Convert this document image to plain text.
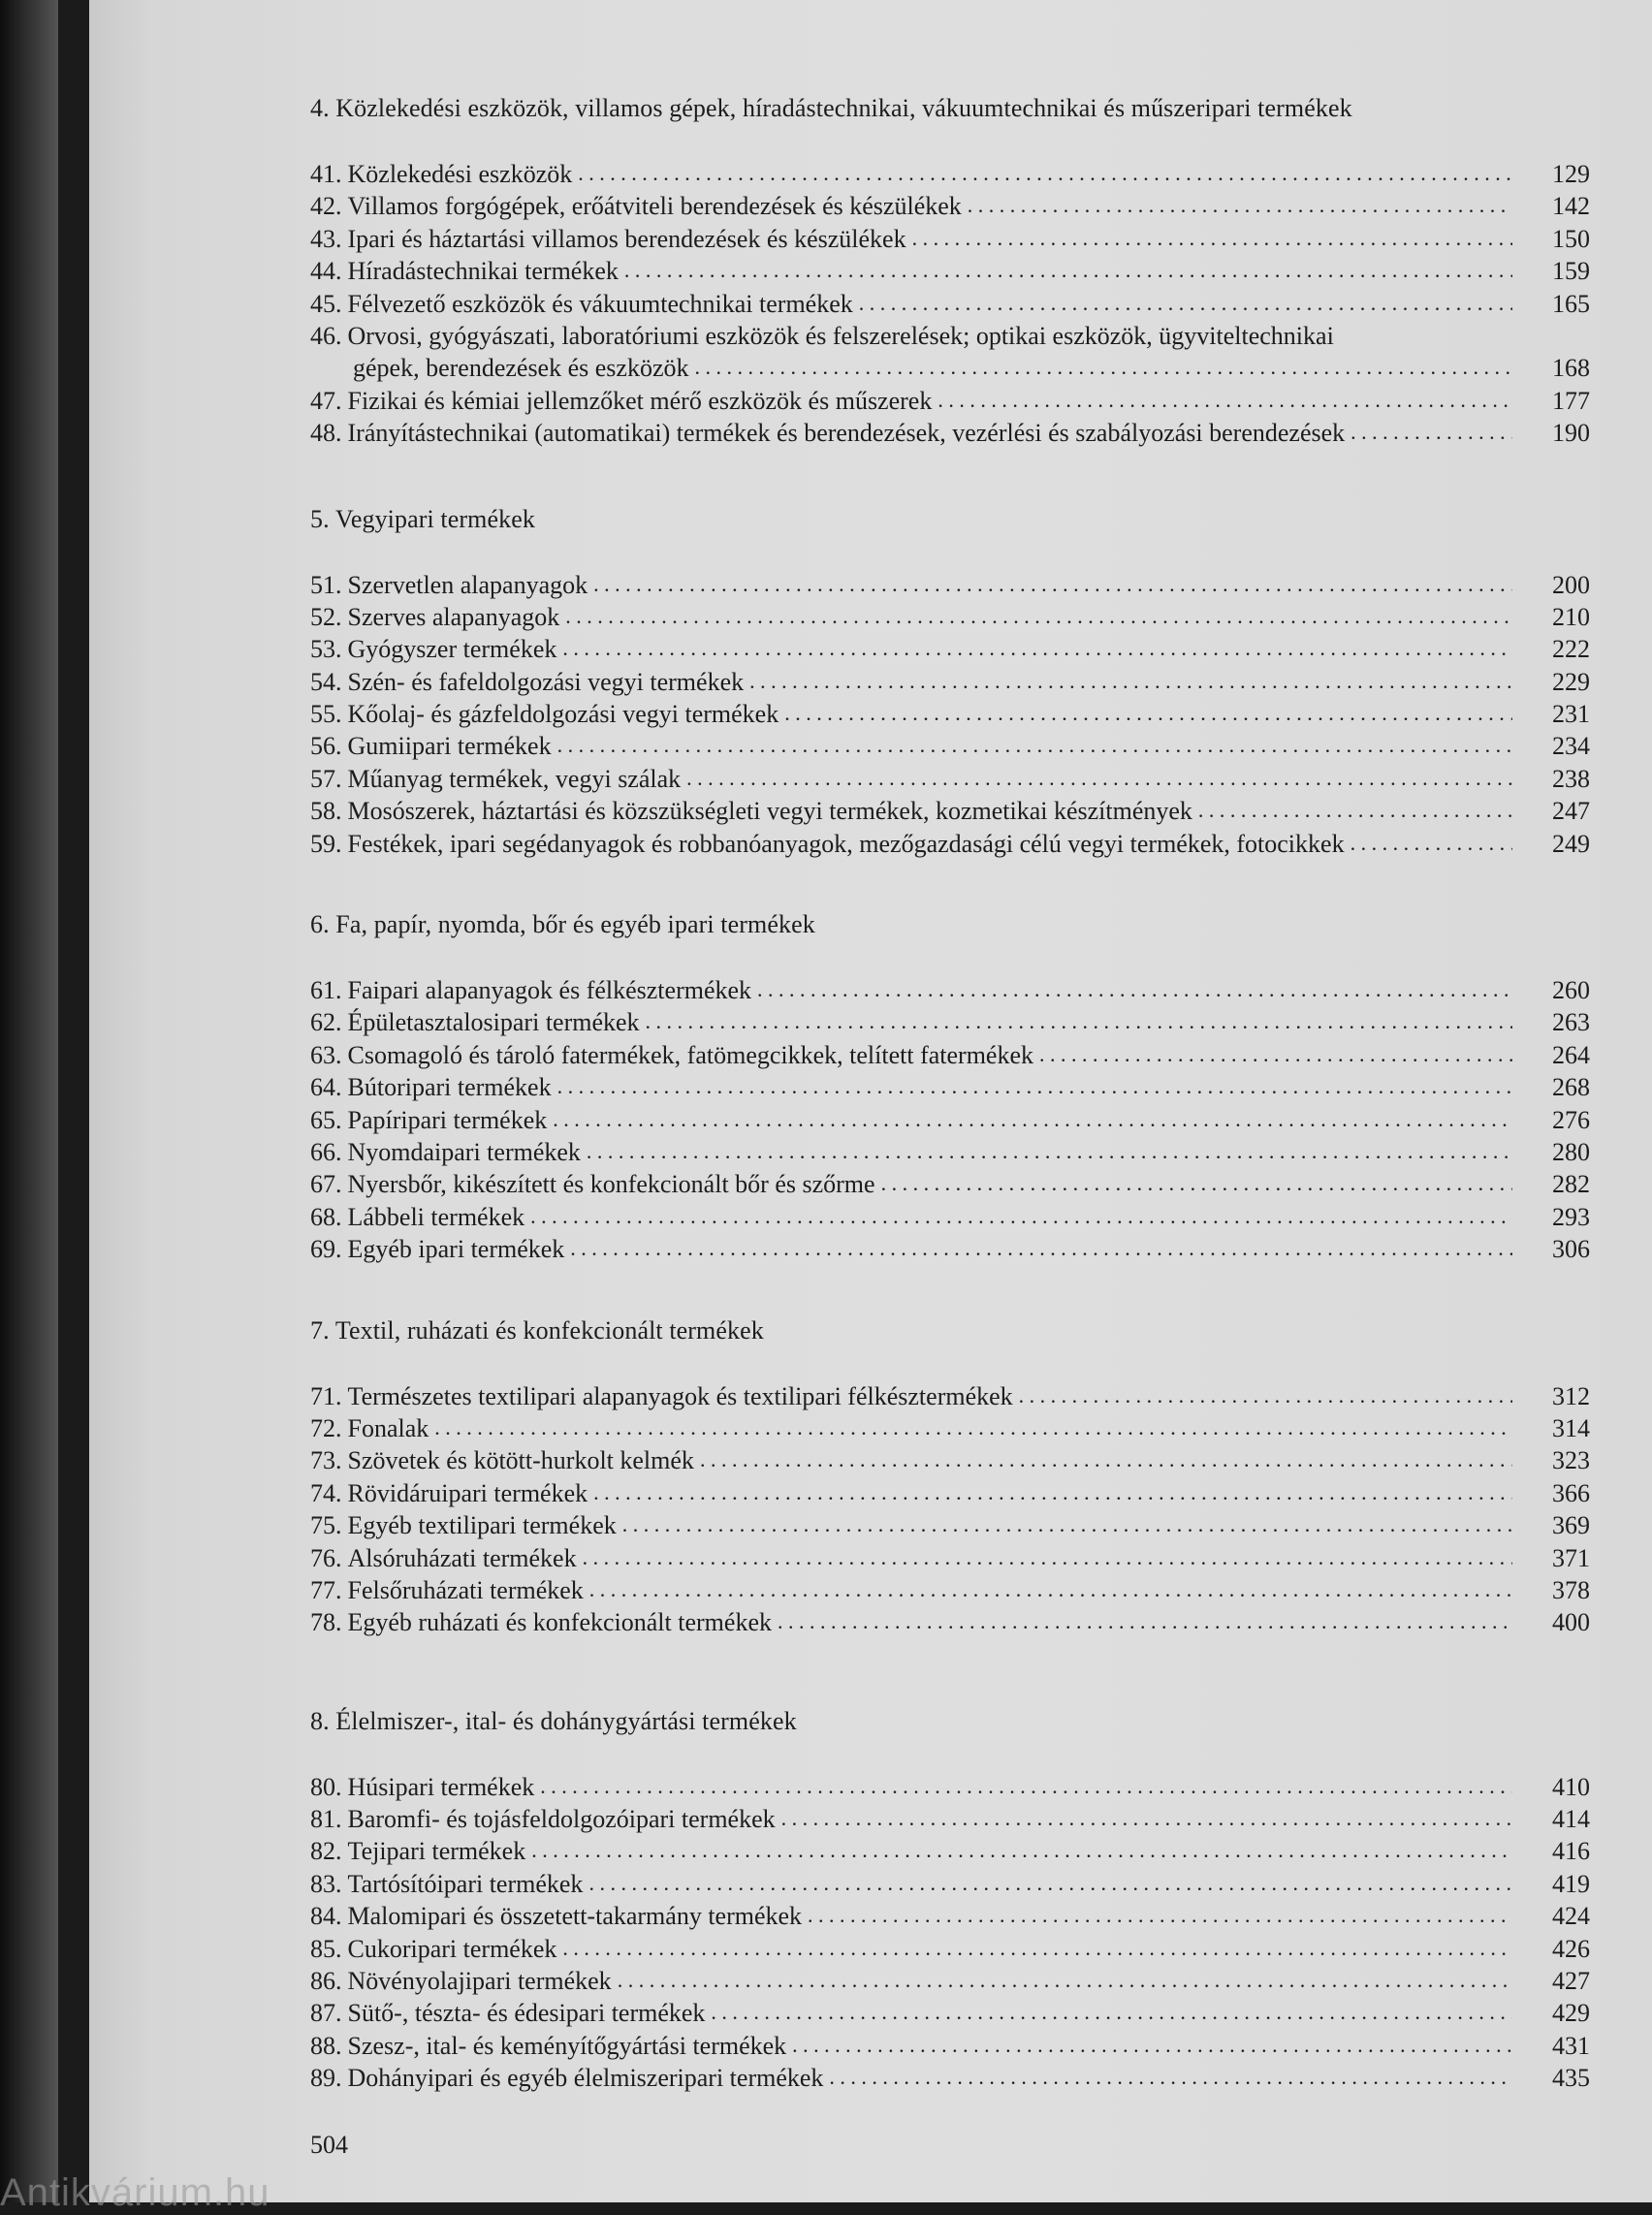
4. Közlekedési eszközök, villamos gépek, híradástechnikai, vákuumtechnikai és műszeripari termékek
41. Közlekedési eszközök . . .	129
42. Villamos forgógépek, erőátviteli berendezések és készülékek . . .	142
43. Ipari és háztartási villamos berendezések és készülékek . . .	150
44. Híradástechnikai termékek . . .	159
45. Félvezető eszközök és vákuumtechnikai termékek . . .	165
46. Orvosi, gyógyászati, laboratóriumi eszközök és felszerelések; optikai eszközök, ügyviteltechnikai
gépek, berendezések és eszközök . . .	168
47. Fizikai és kémiai jellemzőket mérő eszközök és műszerek . . .	177
48. Irányítástechnikai (automatikai) termékek és berendezések, vezérlési és szabályozási berendezések . . .	190
5. Vegyipari termékek
51. Szervetlen alapanyagok . . .	200
52. Szerves alapanyagok . . .	210
53. Gyógyszer termékek . . .	222
54. Szén- és fafeldolgozási vegyi termékek . . .	229
55. Kőolaj- és gázfeldolgozási vegyi termékek . . .	231
56. Gumiipari termékek . . .	234
57. Műanyag termékek, vegyi szálak . . .	238
58. Mosószerek, háztartási és közszükségleti vegyi termékek, kozmetikai készítmények . . .	247
59. Festékek, ipari segédanyagok és robbanóanyagok, mezőgazdasági célú vegyi termékek, fotocikkek . . .	249
6. Fa, papír, nyomda, bőr és egyéb ipari termékek
61. Faipari alapanyagok és félkésztermékek . . .	260
62. Épületasztalosipari termékek . . .	263
63. Csomagoló és tároló fatermékek, fatömegcikkek, telített fatermékek . . .	264
64. Bútoripari termékek . . .	268
65. Papíripari termékek . . .	276
66. Nyomdaipari termékek . . .	280
67. Nyersbőr, kikészített és konfekcionált bőr és szőrme . . .	282
68. Lábbeli termékek . . .	293
69. Egyéb ipari termékek . . .	306
7. Textil, ruházati és konfekcionált termékek
71. Természetes textilipari alapanyagok és textilipari félkésztermékek . . .	312
72. Fonalak . . .	314
73. Szövetek és kötött-hurkolt kelmék . . .	323
74. Rövidáruipari termékek . . .	366
75. Egyéb textilipari termékek . . .	369
76. Alsóruházati termékek . . .	371
77. Felsőruházati termékek . . .	378
78. Egyéb ruházati és konfekcionált termékek . . .	400
8. Élelmiszer-, ital- és dohánygyártási termékek
80. Húsipari termékek . . .	410
81. Baromfi- és tojásfeldolgozóipari termékek . . .	414
82. Tejipari termékek . . .	416
83. Tartósítóipari termékek . . .	419
84. Malomipari és összetett-takarmány termékek . . .	424
85. Cukoripari termékek . . .	426
86. Növényolajipari termékek . . .	427
87. Sütő-, tészta- és édesipari termékek . . .	429
88. Szesz-, ital- és keményítőgyártási termékek . . .	431
89. Dohányipari és egyéb élelmiszeripari termékek . . .	435
504
Antikvárium.hu
